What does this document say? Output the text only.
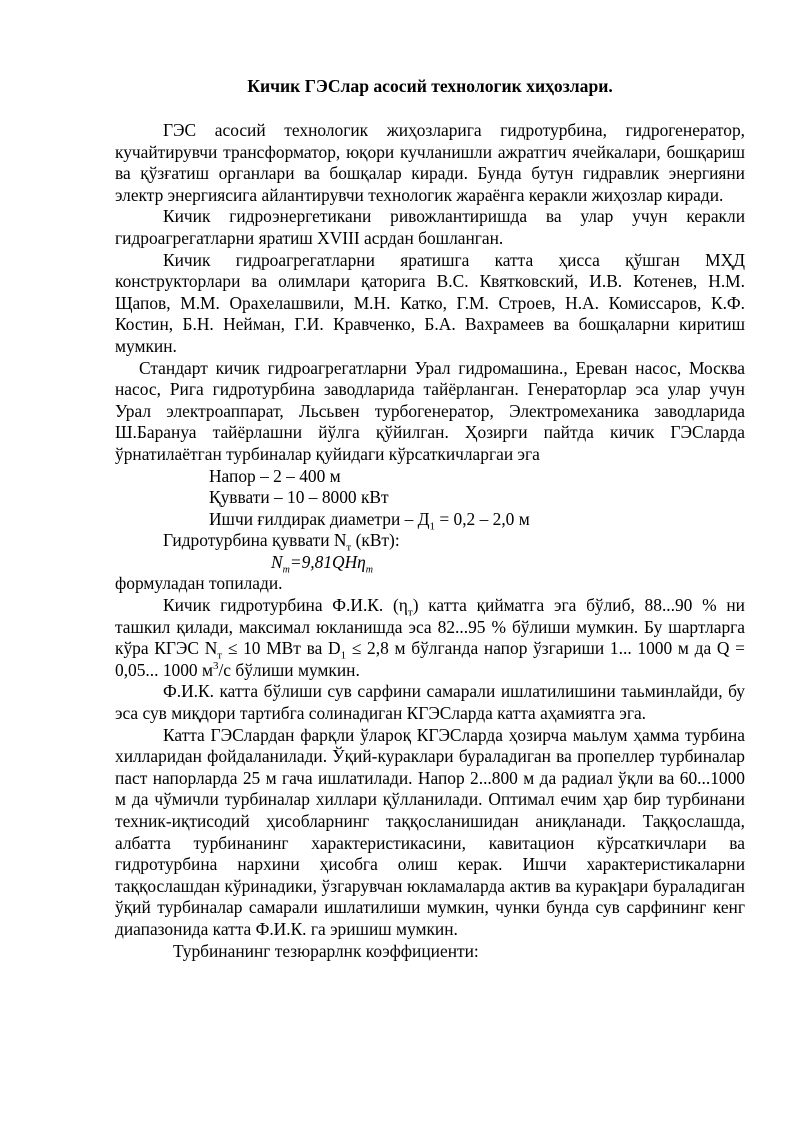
Кичик ГЭСлар асосий технологик хиҳозлари.

ГЭС асосий технологик жиҳозларига гидротурбина, гидрогенератор, кучайтирувчи трансформатор, юқори кучланишли ажратгич ячейкалари, бошқариш ва қўзғатиш органлари ва бошқалар киради. Бунда бутун гидравлик энергияни электр энергиясига айлантирувчи технологик жараёнга керакли жиҳозлар киради.

Кичик гидроэнергетикани ривожлантиришда ва улар учун керакли гидроагрегатларни яратиш XVIII асрдан бошланган.

Кичик гидроагрегатларни яратишга катта ҳисса қўшган МҲД конструкторлари ва олимлари қаторига В.С. Квятковский, И.В. Котенев, Н.М. Щапов, М.М. Орахелашвили, М.Н. Катко, Г.М. Строев, Н.А. Комиссаров, К.Ф. Костин, Б.Н. Нейман, Г.И. Кравченко, Б.А. Вахрамеев ва бошқаларни киритиш мумкин.

Стандарт кичик гидроагрегатларни Урал гидромашина., Ереван насос, Москва насос, Рига гидротурбина заводларида тайёрланган. Генераторлар эса улар учун Урал электроаппарат, Льсьвен турбогенератор, Электромеханика заводларида Ш.Барануа тайёрлашни йўлга қўйилган. Ҳозирги пайтда кичик ГЭСларда ўрнатилаётган турбиналар қуйидаги кўрсаткичларгаи эга

Напор – 2 – 400 м

Қуввати – 10 – 8000 кВт

Ишчи ғилдирак диаметри – $Д_1 = 0,2 - 2,0$ м

Гидротурбина қуввати $N_т$ (кВт):

$N_т=9,81QH\eta_т$

формуладан топилади.

Кичик гидротурбина Ф.И.К. $(\eta_т)$ катта қийматга эга бўлиб, 88...90 % ни ташкил қилади, максимал юкланишда эса 82...95 % бўлиши мумкин. Бу шартларга кўра КГЭС $N_т \le 10$ МВт ва $D_1 \le 2,8$ м бўлганда напор ўзгариши 1... 1000 м да Q = 0,05... 1000 $м^3/с$ бўлиши мумкин.

Ф.И.К. катта бўлиши сув сарфини самарали ишлатилишини таьминлайди, бу эса сув миқдори тартибга солинадиган КГЭСларда катта аҳамиятга эга.

Катта ГЭСлардан фарқли ўлароқ КГЭСларда ҳозирча маьлум ҳамма турбина хилларидан фойдаланилади. Ўқий-кураклари бураладиган ва пропеллер турбиналар паст напорларда 25 м гача ишлатилади. Напор 2...800 м да радиал ўқли ва 60...1000 м да чўмичли турбиналар хиллари қўлланилади. Оптимал ечим ҳар бир турбинани техник-иқтисодий ҳисобларнинг таққосланишидан аниқланади. Таққослашда, албатта турбинанинг характеристикасини, кавитацион кўрсаткичлари ва гидротурбина нархини ҳисобга олиш керак. Ишчи характеристикаларни таққослашдан кўринадики, ўзгарувчан юкламаларда актив ва куракլари бураладиган ўқий турбиналар самарали ишлатилиши мумкин, чунки бунда сув сарфининг кенг диапазонида катта Ф.И.К. га эришиш мумкин.

Турбинанинг тезюрарлнк коэффициенти:
